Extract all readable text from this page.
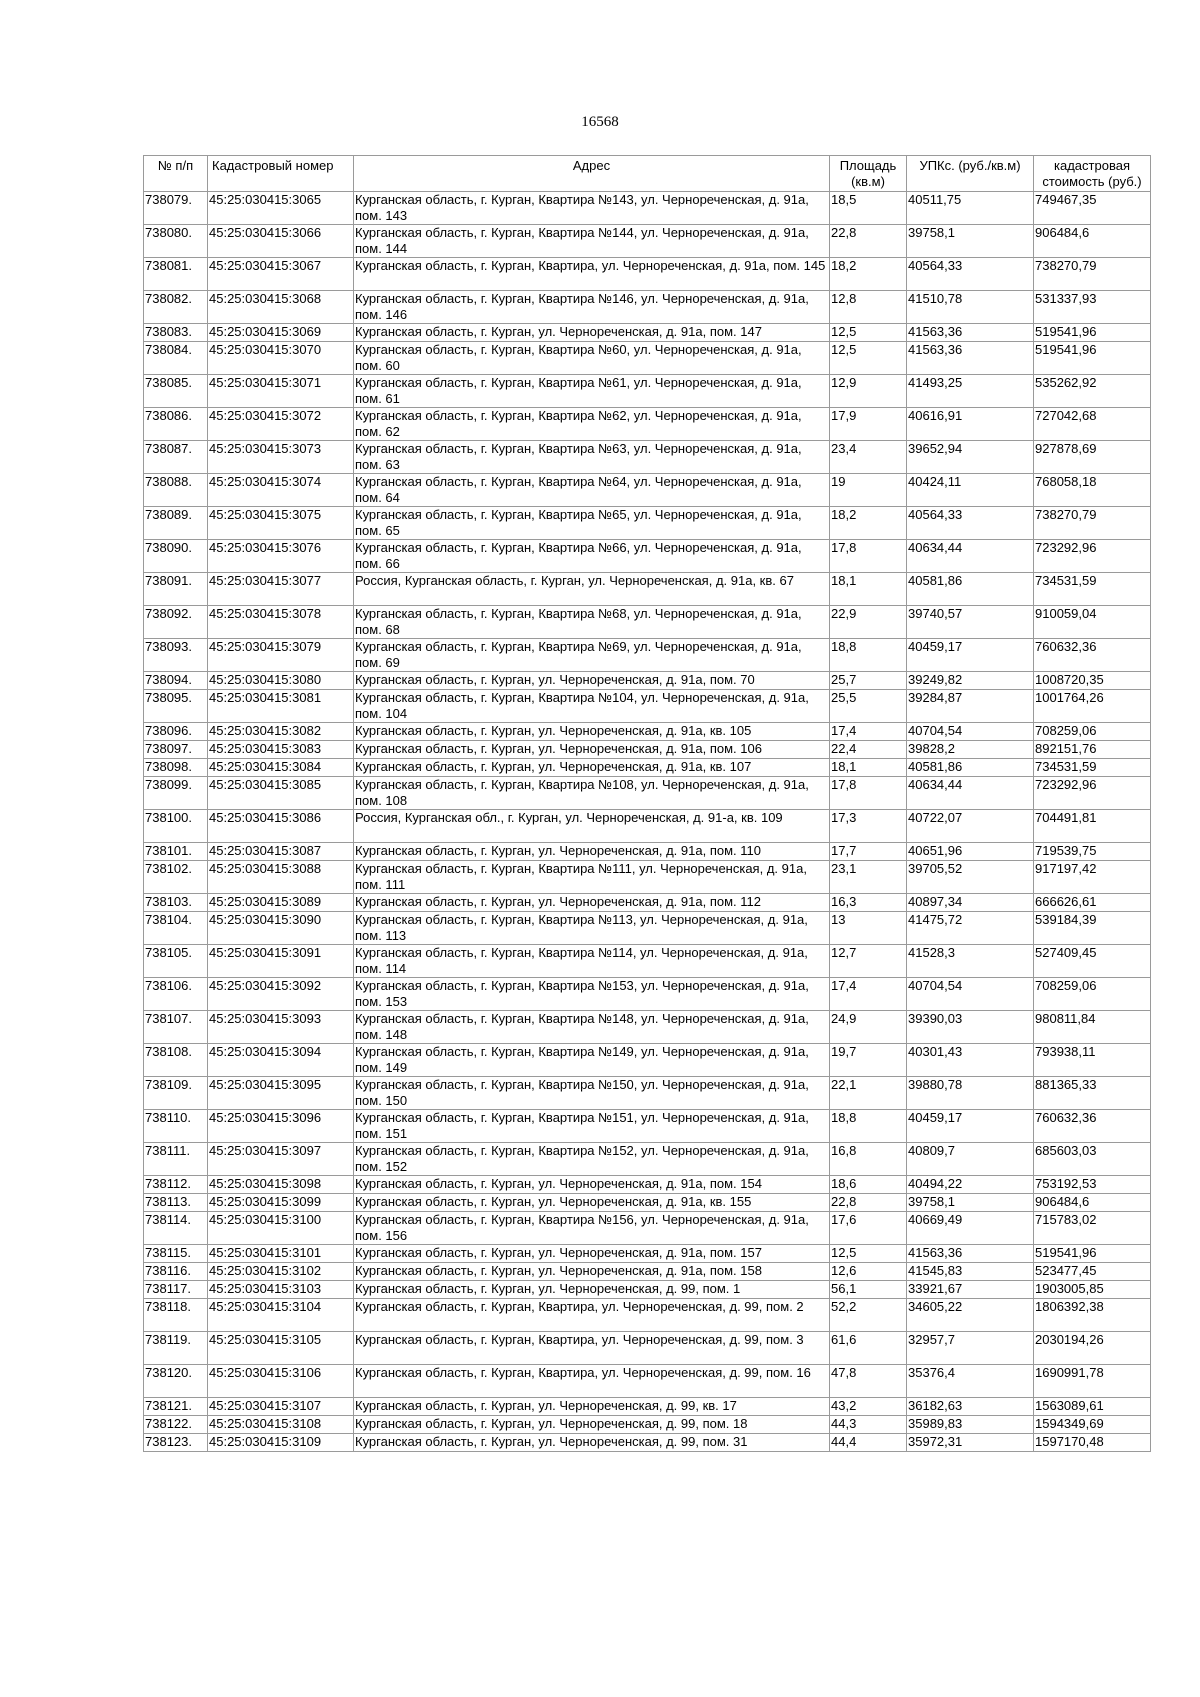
16568
№ п/п	Кадастровый номер	Адрес	Площадь (кв.м)	УПКс. (руб./кв.м)	кадастровая стоимость (руб.)
738079.	45:25:030415:3065	Курганская область, г. Курган, Квартира №143, ул. Черноречeнская, д. 91а, пом. 143	18,5	40511,75	749467,35
738080.	45:25:030415:3066	Курганская область, г. Курган, Квартира №144, ул. Черноречeнская, д. 91а, пом. 144	22,8	39758,1	906484,6
738081.	45:25:030415:3067	Курганская область, г. Курган, Квартира, ул. Черноречeнская, д. 91а, пом. 145	18,2	40564,33	738270,79
738082.	45:25:030415:3068	Курганская область, г. Курган, Квартира №146, ул. Черноречeнская, д. 91а, пом. 146	12,8	41510,78	531337,93
738083.	45:25:030415:3069	Курганская область, г. Курган, ул. Черноречeнская, д. 91а, пом. 147	12,5	41563,36	519541,96
738084.	45:25:030415:3070	Курганская область, г. Курган, Квартира №60, ул. Черноречeнская, д. 91а, пом. 60	12,5	41563,36	519541,96
738085.	45:25:030415:3071	Курганская область, г. Курган, Квартира №61, ул. Черноречeнская, д. 91а, пом. 61	12,9	41493,25	535262,92
738086.	45:25:030415:3072	Курганская область, г. Курган, Квартира №62, ул. Черноречeнская, д. 91а, пом. 62	17,9	40616,91	727042,68
738087.	45:25:030415:3073	Курганская область, г. Курган, Квартира №63, ул. Черноречeнская, д. 91а, пом. 63	23,4	39652,94	927878,69
738088.	45:25:030415:3074	Курганская область, г. Курган, Квартира №64, ул. Черноречeнская, д. 91а, пом. 64	19	40424,11	768058,18
738089.	45:25:030415:3075	Курганская область, г. Курган, Квартира №65, ул. Черноречeнская, д. 91а, пом. 65	18,2	40564,33	738270,79
738090.	45:25:030415:3076	Курганская область, г. Курган, Квартира №66, ул. Черноречeнская, д. 91а, пом. 66	17,8	40634,44	723292,96
738091.	45:25:030415:3077	Россия, Курганская область, г. Курган, ул. Черноречeнская, д. 91а, кв. 67	18,1	40581,86	734531,59
738092.	45:25:030415:3078	Курганская область, г. Курган, Квартира №68, ул. Черноречeнская, д. 91а, пом. 68	22,9	39740,57	910059,04
738093.	45:25:030415:3079	Курганская область, г. Курган, Квартира №69, ул. Черноречeнская, д. 91а, пом. 69	18,8	40459,17	760632,36
738094.	45:25:030415:3080	Курганская область, г. Курган, ул. Черноречeнская, д. 91а, пом. 70	25,7	39249,82	1008720,35
738095.	45:25:030415:3081	Курганская область, г. Курган, Квартира №104, ул. Черноречeнская, д. 91а, пом. 104	25,5	39284,87	1001764,26
738096.	45:25:030415:3082	Курганская область, г. Курган, ул. Черноречeнская, д. 91а, кв. 105	17,4	40704,54	708259,06
738097.	45:25:030415:3083	Курганская область, г. Курган, ул. Черноречeнская, д. 91а, пом. 106	22,4	39828,2	892151,76
738098.	45:25:030415:3084	Курганская область, г. Курган, ул. Черноречeнская, д. 91а, кв. 107	18,1	40581,86	734531,59
738099.	45:25:030415:3085	Курганская область, г. Курган, Квартира №108, ул. Черноречeнская, д. 91а, пом. 108	17,8	40634,44	723292,96
738100.	45:25:030415:3086	Россия, Курганская обл., г. Курган, ул. Черноречeнская, д. 91-а, кв. 109	17,3	40722,07	704491,81
738101.	45:25:030415:3087	Курганская область, г. Курган, ул. Черноречeнская, д. 91а, пом. 110	17,7	40651,96	719539,75
738102.	45:25:030415:3088	Курганская область, г. Курган, Квартира №111, ул. Черноречeнская, д. 91а, пом. 111	23,1	39705,52	917197,42
738103.	45:25:030415:3089	Курганская область, г. Курган, ул. Черноречeнская, д. 91а, пом. 112	16,3	40897,34	666626,61
738104.	45:25:030415:3090	Курганская область, г. Курган, Квартира №113, ул. Черноречeнская, д. 91а, пом. 113	13	41475,72	539184,39
738105.	45:25:030415:3091	Курганская область, г. Курган, Квартира №114, ул. Черноречeнская, д. 91а, пом. 114	12,7	41528,3	527409,45
738106.	45:25:030415:3092	Курганская область, г. Курган, Квартира №153, ул. Черноречeнская, д. 91а, пом. 153	17,4	40704,54	708259,06
738107.	45:25:030415:3093	Курганская область, г. Курган, Квартира №148, ул. Черноречeнская, д. 91а, пом. 148	24,9	39390,03	980811,84
738108.	45:25:030415:3094	Курганская область, г. Курган, Квартира №149, ул. Черноречeнская, д. 91а, пом. 149	19,7	40301,43	793938,11
738109.	45:25:030415:3095	Курганская область, г. Курган, Квартира №150, ул. Черноречeнская, д. 91а, пом. 150	22,1	39880,78	881365,33
738110.	45:25:030415:3096	Курганская область, г. Курган, Квартира №151, ул. Черноречeнская, д. 91а, пом. 151	18,8	40459,17	760632,36
738111.	45:25:030415:3097	Курганская область, г. Курган, Квартира №152, ул. Черноречeнская, д. 91а, пом. 152	16,8	40809,7	685603,03
738112.	45:25:030415:3098	Курганская область, г. Курган, ул. Черноречeнская, д. 91а, пом. 154	18,6	40494,22	753192,53
738113.	45:25:030415:3099	Курганская область, г. Курган, ул. Черноречeнская, д. 91а, кв. 155	22,8	39758,1	906484,6
738114.	45:25:030415:3100	Курганская область, г. Курган, Квартира №156, ул. Черноречeнская, д. 91а, пом. 156	17,6	40669,49	715783,02
738115.	45:25:030415:3101	Курганская область, г. Курган, ул. Черноречeнская, д. 91а, пом. 157	12,5	41563,36	519541,96
738116.	45:25:030415:3102	Курганская область, г. Курган, ул. Черноречeнская, д. 91а, пом. 158	12,6	41545,83	523477,45
738117.	45:25:030415:3103	Курганская область, г. Курган, ул. Черноречeнская, д. 99, пом. 1	56,1	33921,67	1903005,85
738118.	45:25:030415:3104	Курганская область, г. Курган, Квартира, ул. Черноречeнская, д. 99, пом. 2	52,2	34605,22	1806392,38
738119.	45:25:030415:3105	Курганская область, г. Курган, Квартира, ул. Черноречeнская, д. 99, пом. 3	61,6	32957,7	2030194,26
738120.	45:25:030415:3106	Курганская область, г. Курган, Квартира, ул. Черноречeнская, д. 99, пом. 16	47,8	35376,4	1690991,78
738121.	45:25:030415:3107	Курганская область, г. Курган, ул. Черноречeнская, д. 99, кв. 17	43,2	36182,63	1563089,61
738122.	45:25:030415:3108	Курганская область, г. Курган, ул. Черноречeнская, д. 99, пом. 18	44,3	35989,83	1594349,69
738123.	45:25:030415:3109	Курганская область, г. Курган, ул. Черноречeнская, д. 99, пом. 31	44,4	35972,31	1597170,48
